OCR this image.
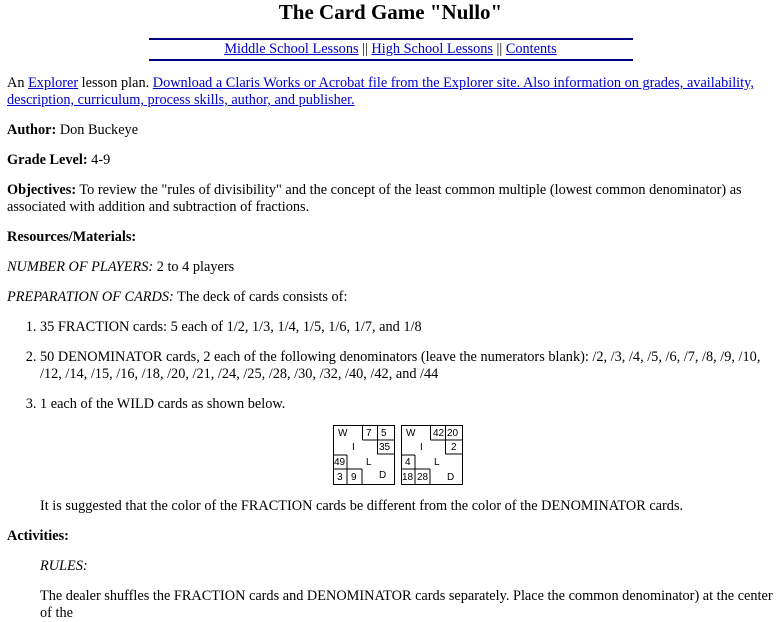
The Card Game "Nullo"
Middle School Lessons || High School Lessons || Contents

An Explorer lesson plan. Download a Claris Works or Acrobat file from the Explorer site. Also information on grades, availability, description, curriculum, process skills, author, and publisher.

Author: Don Buckeye

Grade Level: 4-9

Objectives: To review the "rules of divisibility" and the concept of the least common multiple (lowest common denominator) as associated with addition and subtraction of fractions.

Resources/Materials:

NUMBER OF PLAYERS: 2 to 4 players

PREPARATION OF CARDS: The deck of cards consists of:

1. 35 FRACTION cards: 5 each of 1/2, 1/3, 1/4, 1/5, 1/6, 1/7, and 1/8
2. 50 DENOMINATOR cards, 2 each of the following denominators (leave the numerators blank): /2, /3, /4, /5, /6, /7, /8, /9, /10, /12, /14, /15, /16, /18, /20, /21, /24, /25, /28, /30, /32, /40, /42, and /44
3. 1 each of the WILD cards as shown below.
W 7 5
I 35
49 L
3 9 D
W 42 20
I	2
4 L
18 28 D

It is suggested that the color of the FRACTION cards be different from the color of the DENOMINATOR cards.

Activities:

RULES:

The dealer shuffles the FRACTION cards and DENOMINATOR cards separately. Place the common denominator) at the center of the
